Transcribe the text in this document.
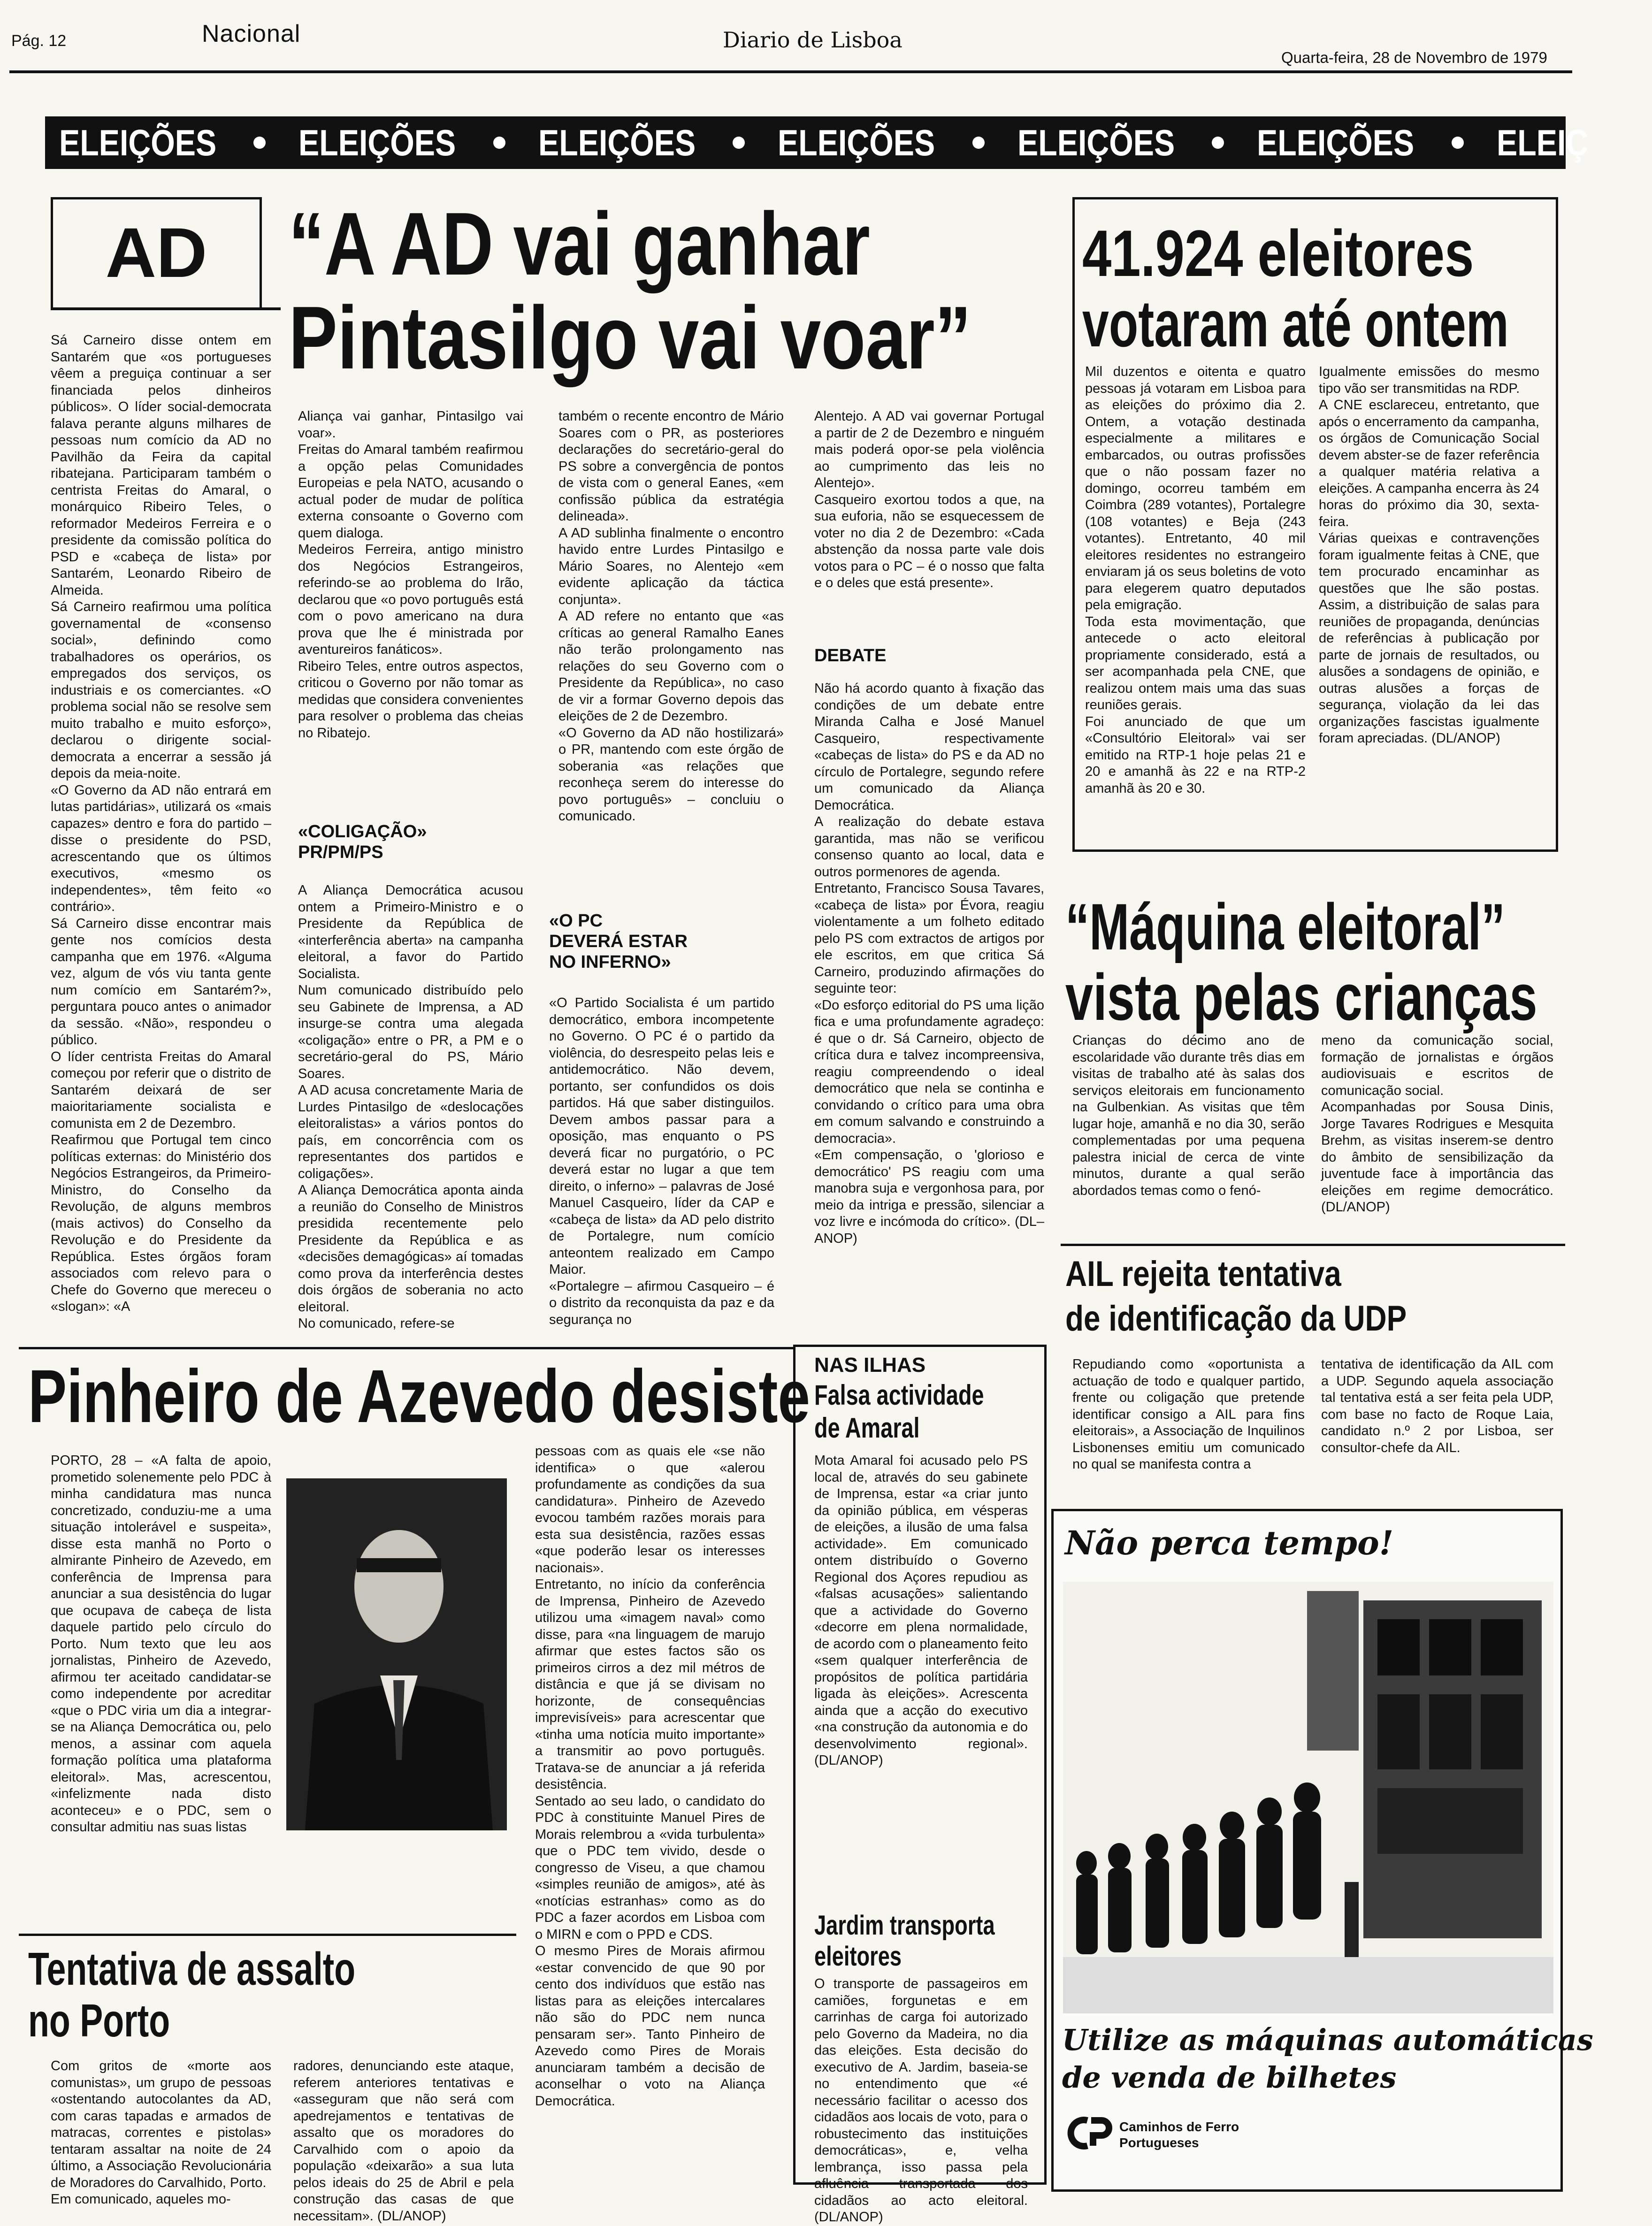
Pág. 12	Nacional	Diario de Lisboa
Quarta-feira, 28 de Novembro de 1979
ELEIÇÕES ELEIÇÕES ELEIÇÕES ELEIÇÕES ELEIÇÕES ELEIÇÕES ELEIÇ
AD “A AD vai ganhar
Pintasilgo vai voar”

Sá Carneiro disse ontem em Santarém que «os portugueses vêem a preguiça continuar a ser financiada pelos dinheiros públicos». O líder social-democrata falava perante alguns milhares de pessoas num comício da AD no Pavilhão da Feira da capital ribatejana. Participaram também o centrista Freitas do Amaral, o monárquico Ribeiro Teles, o reformador Medeiros Ferreira e o presidente da comissão política do PSD e «cabeça de lista» por Santarém, Leonardo Ribeiro de Almeida.
Sá Carneiro reafirmou uma política governamental de «consenso social», definindo como trabalhadores os operários, os empregados dos serviços, os industriais e os comerciantes. «O problema social não se resolve sem muito trabalho e muito esforço», declarou o dirigente social-democrata a encerrar a sessão já depois da meia-noite.
«O Governo da AD não entrará em lutas partidárias», utilizará os «mais capazes» dentro e fora do partido – disse o presidente do PSD, acrescentando que os últimos executivos, «mesmo os independentes», têm feito «o contrário».
Sá Carneiro disse encontrar mais gente nos comícios desta campanha que em 1976. «Alguma vez, algum de vós viu tanta gente num comício em Santarém?», perguntara pouco antes o animador da sessão. «Não», respondeu o público.
O líder centrista Freitas do Amaral começou por referir que o distrito de Santarém deixará de ser maioritariamente socialista e comunista em 2 de Dezembro.
Reafirmou que Portugal tem cinco políticas externas: do Ministério dos Negócios Estrangeiros, da Primeiro-Ministro, do Conselho da Revolução, de alguns membros (mais activos) do Conselho da Revolução e do Presidente da República. Estes órgãos foram associados com relevo para o Chefe do Governo que mereceu o «slogan»: «A

Aliança vai ganhar, Pintasilgo vai voar».
Freitas do Amaral também reafirmou a opção pelas Comunidades Europeias e pela NATO, acusando o actual poder de mudar de política externa consoante o Governo com quem dialoga.
Medeiros Ferreira, antigo ministro dos Negócios Estrangeiros, referindo-se ao problema do Irão, declarou que «o povo português está com o povo americano na dura prova que lhe é ministrada por aventureiros fanáticos».
Ribeiro Teles, entre outros aspectos, criticou o Governo por não tomar as medidas que considera convenientes para resolver o problema das cheias no Ribatejo.

«COLIGAÇÃO»
PR/PM/PS

A Aliança Democrática acusou ontem a Primeiro-Ministro e o Presidente da República de «interferência aberta» na campanha eleitoral, a favor do Partido Socialista.
Num comunicado distribuído pelo seu Gabinete de Imprensa, a AD insurge-se contra uma alegada «coligação» entre o PR, a PM e o secretário-geral do PS, Mário Soares.
A AD acusa concretamente Maria de Lurdes Pintasilgo de «deslocações eleitoralistas» a vários pontos do país, em concorrência com os representantes dos partidos e coligações».
A Aliança Democrática aponta ainda a reunião do Conselho de Ministros presidida recentemente pelo Presidente da República e as «decisões demagógicas» aí tomadas como prova da interferência destes dois órgãos de soberania no acto eleitoral.
No comunicado, refere-se

também o recente encontro de Mário Soares com o PR, as posteriores declarações do secretário-geral do PS sobre a convergência de pontos de vista com o general Eanes, «em confissão pública da estratégia delineada».
A AD sublinha finalmente o encontro havido entre Lurdes Pintasilgo e Mário Soares, no Alentejo «em evidente aplicação da táctica conjunta».
A AD refere no entanto que «as críticas ao general Ramalho Eanes não terão prolongamento nas relações do seu Governo com o Presidente da República», no caso de vir a formar Governo depois das eleições de 2 de Dezembro.
«O Governo da AD não hostilizará» o PR, mantendo com este órgão de soberania «as relações que reconheça serem do interesse do povo português» – concluiu o comunicado.

«O PC
DEVERÁ ESTAR
NO INFERNO»

«O Partido Socialista é um partido democrático, embora incompetente no Governo. O PC é o partido da violência, do desrespeito pelas leis e antidemocrático. Não devem, portanto, ser confundidos os dois partidos. Há que saber distinguilos. Devem ambos passar para a oposição, mas enquanto o PS deverá ficar no purgatório, o PC deverá estar no lugar a que tem direito, o inferno» – palavras de José Manuel Casqueiro, líder da CAP e «cabeça de lista» da AD pelo distrito de Portalegre, num comício anteontem realizado em Campo Maior.
«Portalegre – afirmou Casqueiro – é o distrito da reconquista da paz e da segurança no

Alentejo. A AD vai governar Portugal a partir de 2 de Dezembro e ninguém mais poderá opor-se pela violência ao cumprimento das leis no Alentejo».
Casqueiro exortou todos a que, na sua euforia, não se esquecessem de voter no dia 2 de Dezembro: «Cada abstenção da nossa parte vale dois votos para o PC – é o nosso que falta e o deles que está presente».

DEBATE

Não há acordo quanto à fixação das condições de um debate entre Miranda Calha e José Manuel Casqueiro, respectivamente «cabeças de lista» do PS e da AD no círculo de Portalegre, segundo refere um comunicado da Aliança Democrática.
A realização do debate estava garantida, mas não se verificou consenso quanto ao local, data e outros pormenores de agenda.
Entretanto, Francisco Sousa Tavares, «cabeça de lista» por Évora, reagiu violentamente a um folheto editado pelo PS com extractos de artigos por ele escritos, em que critica Sá Carneiro, produzindo afirmações do seguinte teor:
«Do esforço editorial do PS uma lição fica e uma profundamente agradeço: é que o dr. Sá Carneiro, objecto de crítica dura e talvez incompreensiva, reagiu compreendendo o ideal democrático que nela se continha e convidando o crítico para uma obra em comum salvando e construindo a democracia».
«Em compensação, o 'glorioso e democrático' PS reagiu com uma manobra suja e vergonhosa para, por meio da intriga e pressão, silenciar a voz livre e incómoda do crítico». (DL–ANOP)

41.924 eleitores
votaram até ontem

Mil duzentos e oitenta e quatro pessoas já votaram em Lisboa para as eleições do próximo dia 2. Ontem, a votação destinada especialmente a militares e embarcados, ou outras profissões que o não possam fazer no domingo, ocorreu também em Coimbra (289 votantes), Portalegre (108 votantes) e Beja (243 votantes). Entretanto, 40 mil eleitores residentes no estrangeiro enviaram já os seus boletins de voto para elegerem quatro deputados pela emigração.
Toda esta movimentação, que antecede o acto eleitoral propriamente considerado, está a ser acompanhada pela CNE, que realizou ontem mais uma das suas reuniões gerais.
Foi anunciado de que um «Consultório Eleitoral» vai ser emitido na RTP-1 hoje pelas 21 e 20 e amanhã às 22 e na RTP-2 amanhã às 20 e 30.

Igualmente emissões do mesmo tipo vão ser transmitidas na RDP.
A CNE esclareceu, entretanto, que após o encerramento da campanha, os órgãos de Comunicação Social devem abster-se de fazer referência a qualquer matéria relativa a eleições. A campanha encerra às 24 horas do próximo dia 30, sexta-feira.
Várias queixas e contravenções foram igualmente feitas à CNE, que tem procurado encaminhar as questões que lhe são postas. Assim, a distribuição de salas para reuniões de propaganda, denúncias de referências à publicação por parte de jornais de resultados, ou alusões a sondagens de opinião, e outras alusões a forças de segurança, violação da lei das organizações fascistas igualmente foram apreciadas. (DL/ANOP)

“Máquina eleitoral”
vista pelas crianças

Crianças do décimo ano de escolaridade vão durante três dias em visitas de trabalho até às salas dos serviços eleitorais em funcionamento na Gulbenkian. As visitas que têm lugar hoje, amanhã e no dia 30, serão complementadas por uma pequena palestra inicial de cerca de vinte minutos, durante a qual serão abordados temas como o fenó-

meno da comunicação social, formação de jornalistas e órgãos audiovisuais e escritos de comunicação social.
Acompanhadas por Sousa Dinis, Jorge Tavares Rodrigues e Mesquita Brehm, as visitas inserem-se dentro do âmbito de sensibilização da juventude face à importância das eleições em regime democrático. (DL/ANOP)

AIL rejeita tentativa
de identificação da UDP

Repudiando como «oportunista a actuação de todo e qualquer partido, frente ou coligação que pretende identificar consigo a AIL para fins eleitorais», a Associação de Inquilinos Lisbonenses emitiu um comunicado no qual se manifesta contra a

tentativa de identificação da AIL com a UDP. Segundo aquela associação tal tentativa está a ser feita pela UDP, com base no facto de Roque Laia, candidato n.º 2 por Lisboa, ser consultor-chefe da AIL.

Pinheiro de Azevedo desiste

PORTO, 28 – «A falta de apoio, prometido solenemente pelo PDC à minha candidatura mas nunca concretizado, conduziu-me a uma situação intolerável e suspeita», disse esta manhã no Porto o almirante Pinheiro de Azevedo, em conferência de Imprensa para anunciar a sua desistência do lugar que ocupava de cabeça de lista daquele partido pelo círculo do Porto. Num texto que leu aos jornalistas, Pinheiro de Azevedo, afirmou ter aceitado candidatar-se como independente por acreditar «que o PDC viria um dia a integrar-se na Aliança Democrática ou, pelo menos, a assinar com aquela formação política uma plataforma eleitoral». Mas, acrescentou, «infelizmente nada disto aconteceu» e o PDC, sem o consultar admitiu nas suas listas

pessoas com as quais ele «se não identifica» o que «alerou profundamente as condições da sua candidatura». Pinheiro de Azevedo evocou também razões morais para esta sua desistência, razões essas «que poderão lesar os interesses nacionais».
Entretanto, no início da conferência de Imprensa, Pinheiro de Azevedo utilizou uma «imagem naval» como disse, para «na linguagem de marujo afirmar que estes factos são os primeiros cirros a dez mil métros de distância e que já se divisam no horizonte, de consequências imprevisíveis» para acrescentar que «tinha uma notícia muito importante» a transmitir ao povo português. Tratava-se de anunciar a já referida desistência.
Sentado ao seu lado, o candidato do PDC à constituinte Manuel Pires de Morais relembrou a «vida turbulenta» que o PDC tem vivido, desde o congresso de Viseu, a que chamou «simples reunião de amigos», até às «notícias estranhas» como as do PDC a fazer acordos em Lisboa com o MIRN e com o PPD e CDS.
O mesmo Pires de Morais afirmou «estar convencido de que 90 por cento dos indivíduos que estão nas listas para as eleições intercalares não são do PDC nem nunca pensaram ser». Tanto Pinheiro de Azevedo como Pires de Morais anunciaram também a decisão de aconselhar o voto na Aliança Democrática.

Tentativa de assalto
no Porto

Com gritos de «morte aos comunistas», um grupo de pessoas «ostentando autocolantes da AD, com caras tapadas e armados de matracas, correntes e pistolas» tentaram assaltar na noite de 24 último, a Associação Revolucionária de Moradores do Carvalhido, Porto.
Em comunicado, aqueles mo-

radores, denunciando este ataque, referem anteriores tentativas e «asseguram que não será com apedrejamentos e tentativas de assalto que os moradores do Carvalhido com o apoio da população «deixarão» a sua luta pelos ideais do 25 de Abril e pela construção das casas de que necessitam». (DL/ANOP)

NAS ILHAS
Falsa actividade
de Amaral

Mota Amaral foi acusado pelo PS local de, através do seu gabinete de Imprensa, estar «a criar junto da opinião pública, em vésperas de eleições, a ilusão de uma falsa actividade». Em comunicado ontem distribuído o Governo Regional dos Açores repudiou as «falsas acusações» salientando que a actividade do Governo «decorre em plena normalidade, de acordo com o planeamento feito «sem qualquer interferência de propósitos de política partidária ligada às eleições». Acrescenta ainda que a acção do executivo «na construção da autonomia e do desenvolvimento regional». (DL/ANOP)

Jardim transporta
eleitores

O transporte de passageiros em camiões, forgunetas e em carrinhas de carga foi autorizado pelo Governo da Madeira, no dia das eleições. Esta decisão do executivo de A. Jardim, baseia-se no entendimento que «é necessário facilitar o acesso dos cidadãos aos locais de voto, para o robustecimento das instituições democráticas», e, velha lembrança, isso passa pela afluência transportada dos cidadãos ao acto eleitoral. (DL/ANOP)

Não perca tempo!
Utilize as máquinas automáticas
de venda de bilhetes
Caminhos de Ferro
Portugueses
